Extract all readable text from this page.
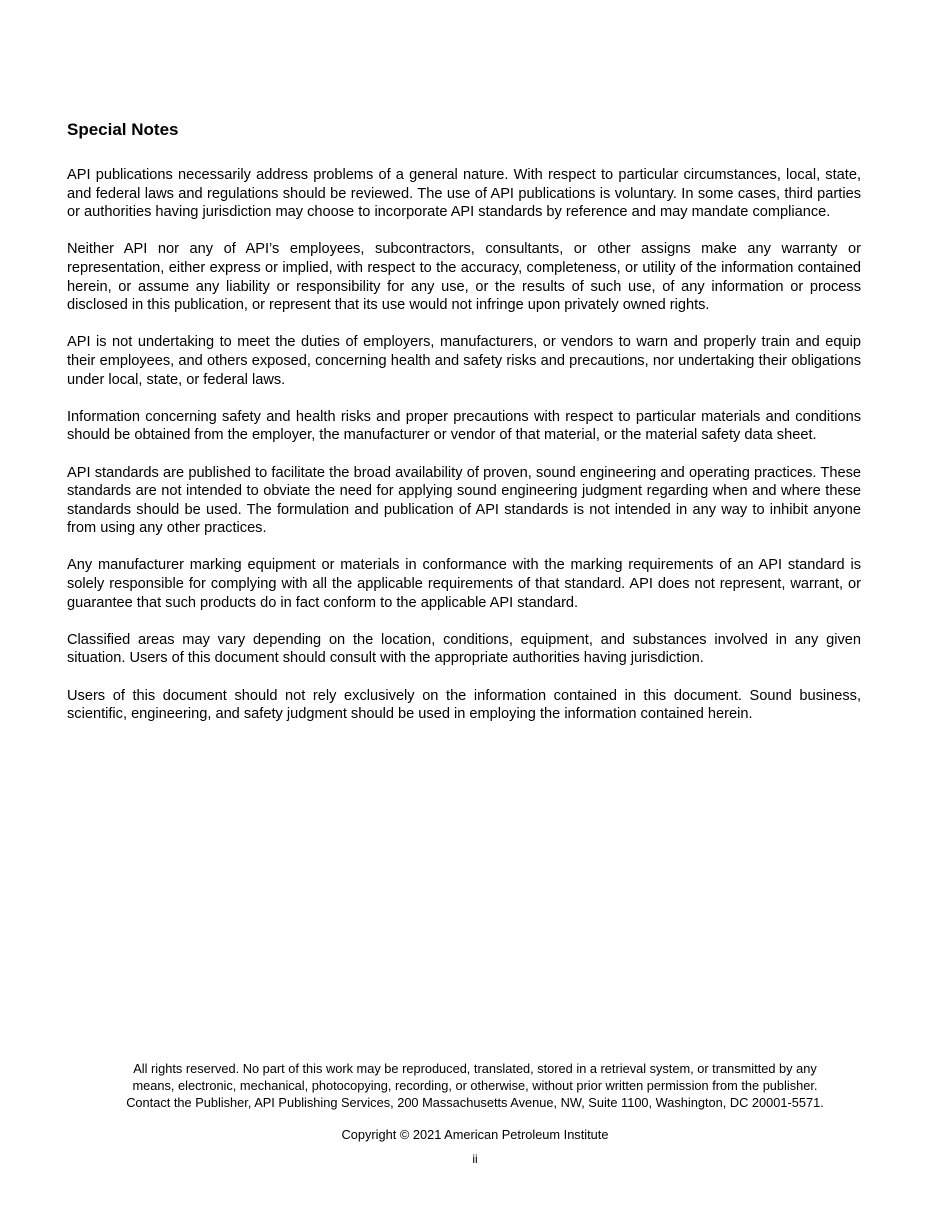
Special Notes

API publications necessarily address problems of a general nature. With respect to particular circumstances, local, state, and federal laws and regulations should be reviewed. The use of API publications is voluntary. In some cases, third parties or authorities having jurisdiction may choose to incorporate API standards by reference and may mandate compliance.

Neither API nor any of API’s employees, subcontractors, consultants, or other assigns make any warranty or representation, either express or implied, with respect to the accuracy, completeness, or utility of the information contained herein, or assume any liability or responsibility for any use, or the results of such use, of any information or process disclosed in this publication, or represent that its use would not infringe upon privately owned rights.

API is not undertaking to meet the duties of employers, manufacturers, or vendors to warn and properly train and equip their employees, and others exposed, concerning health and safety risks and precautions, nor undertaking their obligations under local, state, or federal laws.

Information concerning safety and health risks and proper precautions with respect to particular materials and conditions should be obtained from the employer, the manufacturer or vendor of that material, or the material safety data sheet.

API standards are published to facilitate the broad availability of proven, sound engineering and operating practices. These standards are not intended to obviate the need for applying sound engineering judgment regarding when and where these standards should be used. The formulation and publication of API standards is not intended in any way to inhibit anyone from using any other practices.

Any manufacturer marking equipment or materials in conformance with the marking requirements of an API standard is solely responsible for complying with all the applicable requirements of that standard. API does not represent, warrant, or guarantee that such products do in fact conform to the applicable API standard.

Classified areas may vary depending on the location, conditions, equipment, and substances involved in any given situation. Users of this document should consult with the appropriate authorities having jurisdiction.

Users of this document should not rely exclusively on the information contained in this document. Sound business, scientific, engineering, and safety judgment should be used in employing the information contained herein.

All rights reserved. No part of this work may be reproduced, translated, stored in a retrieval system, or transmitted by any
means, electronic, mechanical, photocopying, recording, or otherwise, without prior written permission from the publisher.
Contact the Publisher, API Publishing Services, 200 Massachusetts Avenue, NW, Suite 1100, Washington, DC 20001-5571.
Copyright © 2021 American Petroleum Institute
ii
